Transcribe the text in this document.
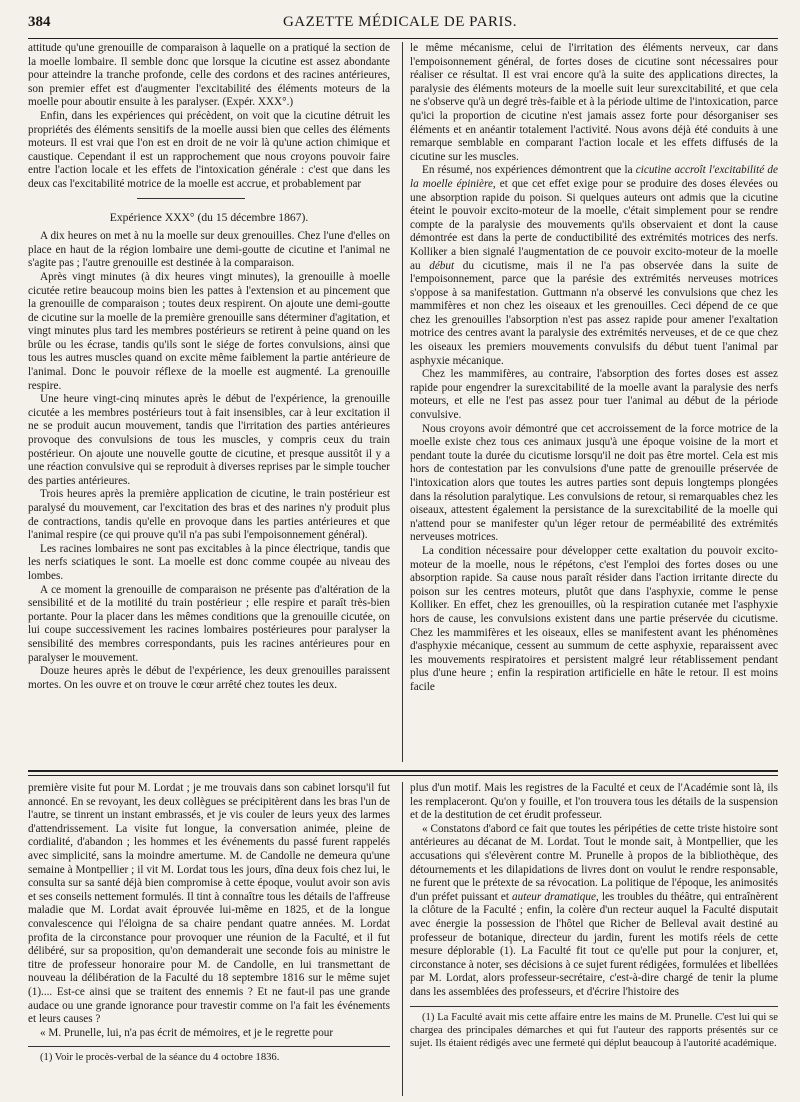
384	GAZETTE MÉDICALE DE PARIS.

attitude qu'une grenouille de comparaison à laquelle on a pratiqué la section de la moelle lombaire. Il semble donc que lorsque la cicutine est assez abondante pour atteindre la tranche profonde, celle des cordons et des racines antérieures, son premier effet est d'augmenter l'excitabilité des éléments moteurs de la moelle pour aboutir ensuite à les paralyser. (Expér. XXX°.)

Enfin, dans les expériences qui précèdent, on voit que la cicutine détruit les propriétés des éléments sensitifs de la moelle aussi bien que celles des éléments moteurs. Il est vrai que l'on est en droit de ne voir là qu'une action chimique et caustique. Cependant il est un rapprochement que nous croyons pouvoir faire entre l'action locale et les effets de l'intoxication générale : c'est que dans les deux cas l'excitabilité motrice de la moelle est accrue, et probablement par

Expérience XXX° (du 15 décembre 1867).

A dix heures on met à nu la moelle sur deux grenouilles. Chez l'une d'elles on place en haut de la région lombaire une demi-goutte de cicutine et l'animal ne s'agite pas ; l'autre grenouille est destinée à la comparaison.

Après vingt minutes (à dix heures vingt minutes), la grenouille à moelle cicutée retire beaucoup moins bien les pattes à l'extension et au pincement que la grenouille de comparaison ; toutes deux respirent. On ajoute une demi-goutte de cicutine sur la moelle de la première grenouille sans déterminer d'agitation, et vingt minutes plus tard les membres postérieurs se retirent à peine quand on les brûle ou les écrase, tandis qu'ils sont le siége de fortes convulsions, ainsi que tous les autres muscles quand on excite même faiblement la partie antérieure de l'animal. Donc le pouvoir réflexe de la moelle est augmenté. La grenouille respire.

Une heure vingt-cinq minutes après le début de l'expérience, la grenouille cicutée a les membres postérieurs tout à fait insensibles, car à leur excitation il ne se produit aucun mouvement, tandis que l'irritation des parties antérieures provoque des convulsions de tous les muscles, y compris ceux du train postérieur. On ajoute une nouvelle goutte de cicutine, et presque aussitôt il y a une réaction convulsive qui se reproduit à diverses reprises par le simple toucher des parties antérieures.

Trois heures après la première application de cicutine, le train postérieur est paralysé du mouvement, car l'excitation des bras et des narines n'y produit plus de contractions, tandis qu'elle en provoque dans les parties antérieures et que l'animal respire (ce qui prouve qu'il n'a pas subi l'empoisonnement général).

Les racines lombaires ne sont pas excitables à la pince électrique, tandis que les nerfs sciatiques le sont. La moelle est donc comme coupée au niveau des lombes.

A ce moment la grenouille de comparaison ne présente pas d'altération de la sensibilité et de la motilité du train postérieur ; elle respire et paraît très-bien portante. Pour la placer dans les mêmes conditions que la grenouille cicutée, on lui coupe successivement les racines lombaires postérieures pour paralyser la sensibilité des membres correspondants, puis les racines antérieures pour en paralyser le mouvement.

Douze heures après le début de l'expérience, les deux grenouilles paraissent mortes. On les ouvre et on trouve le cœur arrêté chez toutes les deux.

le même mécanisme, celui de l'irritation des éléments nerveux, car dans l'empoisonnement général, de fortes doses de cicutine sont nécessaires pour réaliser ce résultat. Il est vrai encore qu'à la suite des applications directes, la paralysie des éléments moteurs de la moelle suit leur surexcitabilité, et que cela ne s'observe qu'à un degré très-faible et à la période ultime de l'intoxication, parce qu'ici la proportion de cicutine n'est jamais assez forte pour désorganiser ses éléments et en anéantir totalement l'activité. Nous avons déjà été conduits à une remarque semblable en comparant l'action locale et les effets diffusés de la cicutine sur les muscles.

En résumé, nos expériences démontrent que la cicutine accroît l'excitabilité de la moelle épinière, et que cet effet exige pour se produire des doses élevées ou une absorption rapide du poison. Si quelques auteurs ont admis que la cicutine éteint le pouvoir excito-moteur de la moelle, c'était simplement pour se rendre compte de la paralysie des mouvements qu'ils observaient et dont la cause démontrée est dans la perte de conductibilité des extrémités motrices des nerfs. Kolliker a bien signalé l'augmentation de ce pouvoir excito-moteur de la moelle au début du cicutisme, mais il ne l'a pas observée dans la suite de l'empoisonnement, parce que la parésie des extrémités nerveuses motrices s'oppose à sa manifestation. Guttmann n'a observé les convulsions que chez les mammifères et non chez les oiseaux et les grenouilles. Ceci dépend de ce que chez les grenouilles l'absorption n'est pas assez rapide pour amener l'exaltation motrice des centres avant la paralysie des extrémités nerveuses, et de ce que chez les oiseaux les premiers mouvements convulsifs du début tuent l'animal par asphyxie mécanique.

Chez les mammifères, au contraire, l'absorption des fortes doses est assez rapide pour engendrer la surexcitabilité de la moelle avant la paralysie des nerfs moteurs, et elle ne l'est pas assez pour tuer l'animal au début de la période convulsive.

Nous croyons avoir démontré que cet accroissement de la force motrice de la moelle existe chez tous ces animaux jusqu'à une époque voisine de la mort et pendant toute la durée du cicutisme lorsqu'il ne doit pas être mortel. Cela est mis hors de contestation par les convulsions d'une patte de grenouille préservée de l'intoxication alors que toutes les autres parties sont depuis longtemps plongées dans la résolution paralytique. Les convulsions de retour, si remarquables chez les oiseaux, attestent également la persistance de la surexcitabilité de la moelle qui n'attend pour se manifester qu'un léger retour de perméabilité des extrémités nerveuses motrices.

La condition nécessaire pour développer cette exaltation du pouvoir excito-moteur de la moelle, nous le répétons, c'est l'emploi des fortes doses ou une absorption rapide. Sa cause nous paraît résider dans l'action irritante directe du poison sur les centres moteurs, plutôt que dans l'asphyxie, comme le pense Kolliker. En effet, chez les grenouilles, où la respiration cutanée met l'asphyxie hors de cause, les convulsions existent dans une partie préservée du cicutisme. Chez les mammifères et les oiseaux, elles se manifestent avant les phénomènes d'asphyxie mécanique, cessent au summum de cette asphyxie, reparaissent avec les mouvements respiratoires et persistent malgré leur rétablissement pendant plus d'une heure ; enfin la respiration artificielle en hâte le retour. Il est moins facile

première visite fut pour M. Lordat ; je me trouvais dans son cabinet lorsqu'il fut annoncé. En se revoyant, les deux collègues se précipitèrent dans les bras l'un de l'autre, se tinrent un instant embrassés, et je vis couler de leurs yeux des larmes d'attendrissement. La visite fut longue, la conversation animée, pleine de cordialité, d'abandon ; les hommes et les événements du passé furent rappelés avec simplicité, sans la moindre amertume. M. de Candolle ne demeura qu'une semaine à Montpellier ; il vit M. Lordat tous les jours, dîna deux fois chez lui, le consulta sur sa santé déjà bien compromise à cette époque, voulut avoir son avis et ses conseils nettement formulés. Il tint à connaître tous les détails de l'affreuse maladie que M. Lordat avait éprouvée lui-même en 1825, et de la longue convalescence qui l'éloigna de sa chaire pendant quatre années. M. Lordat profita de la circonstance pour provoquer une réunion de la Faculté, et il fut délibéré, sur sa proposition, qu'on demanderait une seconde fois au ministre le titre de professeur honoraire pour M. de Candolle, en lui transmettant de nouveau la délibération de la Faculté du 18 septembre 1816 sur le même sujet (1).... Est-ce ainsi que se traitent des ennemis ? Et ne faut-il pas une grande audace ou une grande ignorance pour travestir comme on l'a fait les événements et leurs causes ?

« M. Prunelle, lui, n'a pas écrit de mémoires, et je le regrette pour

(1) Voir le procès-verbal de la séance du 4 octobre 1836.

plus d'un motif. Mais les registres de la Faculté et ceux de l'Académie sont là, ils les remplaceront. Qu'on y fouille, et l'on trouvera tous les détails de la suspension et de la destitution de cet érudit professeur.

« Constatons d'abord ce fait que toutes les péripéties de cette triste histoire sont antérieures au décanat de M. Lordat. Tout le monde sait, à Montpellier, que les accusations qui s'élevèrent contre M. Prunelle à propos de la bibliothèque, des détournements et les dilapidations de livres dont on voulut le rendre responsable, ne furent que le prétexte de sa révocation. La politique de l'époque, les animosités d'un préfet puissant et auteur dramatique, les troubles du théâtre, qui entraînèrent la clôture de la Faculté ; enfin, la colère d'un recteur auquel la Faculté disputait avec énergie la possession de l'hôtel que Richer de Belleval avait destiné au professeur de botanique, directeur du jardin, furent les motifs réels de cette mesure déplorable (1). La Faculté fit tout ce qu'elle put pour la conjurer, et, circonstance à noter, ses décisions à ce sujet furent rédigées, formulées et libellées par M. Lordat, alors professeur-secrétaire, c'est-à-dire chargé de tenir la plume dans les assemblées des professeurs, et d'écrire l'histoire des

(1) La Faculté avait mis cette affaire entre les mains de M. Prunelle. C'est lui qui se chargea des principales démarches et qui fut l'auteur des rapports présentés sur ce sujet. Ils étaient rédigés avec une fermeté qui déplut beaucoup à l'autorité académique.
